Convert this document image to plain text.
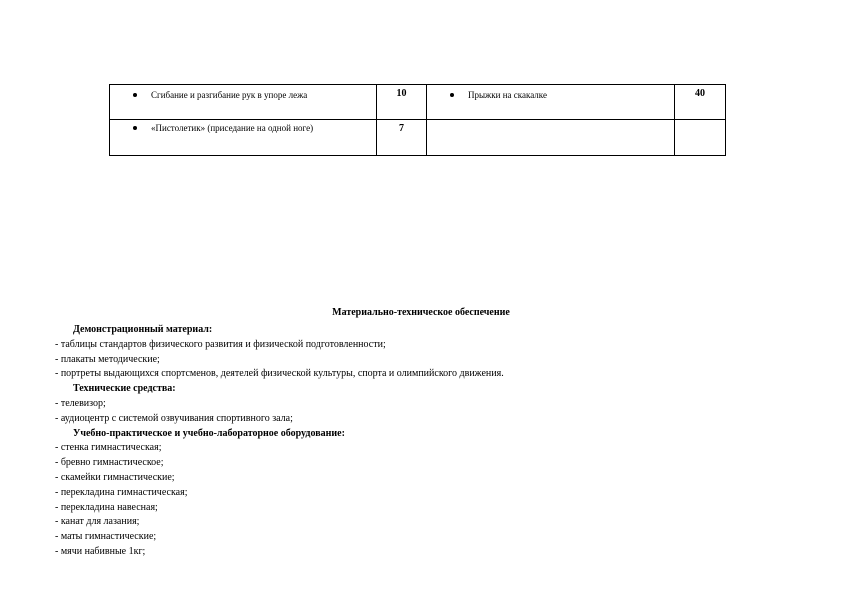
Сгибание и разгибание рук в упоре лежа	10	Прыжки на скакалке	40

«Пистолетик» (приседание на одной ноге)	7		
Материально-техническое обеспечение
Демонстрационный материал:
- таблицы стандартов физического развития и физической подготовленности;
- плакаты методические;
- портреты выдающихся спортсменов, деятелей физической культуры, спорта и олимпийского движения.
Технические средства:
- телевизор;
- аудиоцентр с системой озвучивания спортивного зала;
Учебно-практическое и учебно-лабораторное оборудование:
- стенка гимнастическая;
- бревно гимнастическое;
- скамейки гимнастические;
- перекладина гимнастическая;
- перекладина навесная;
- канат для лазания;
- маты гимнастические;
- мячи набивные 1кг;
